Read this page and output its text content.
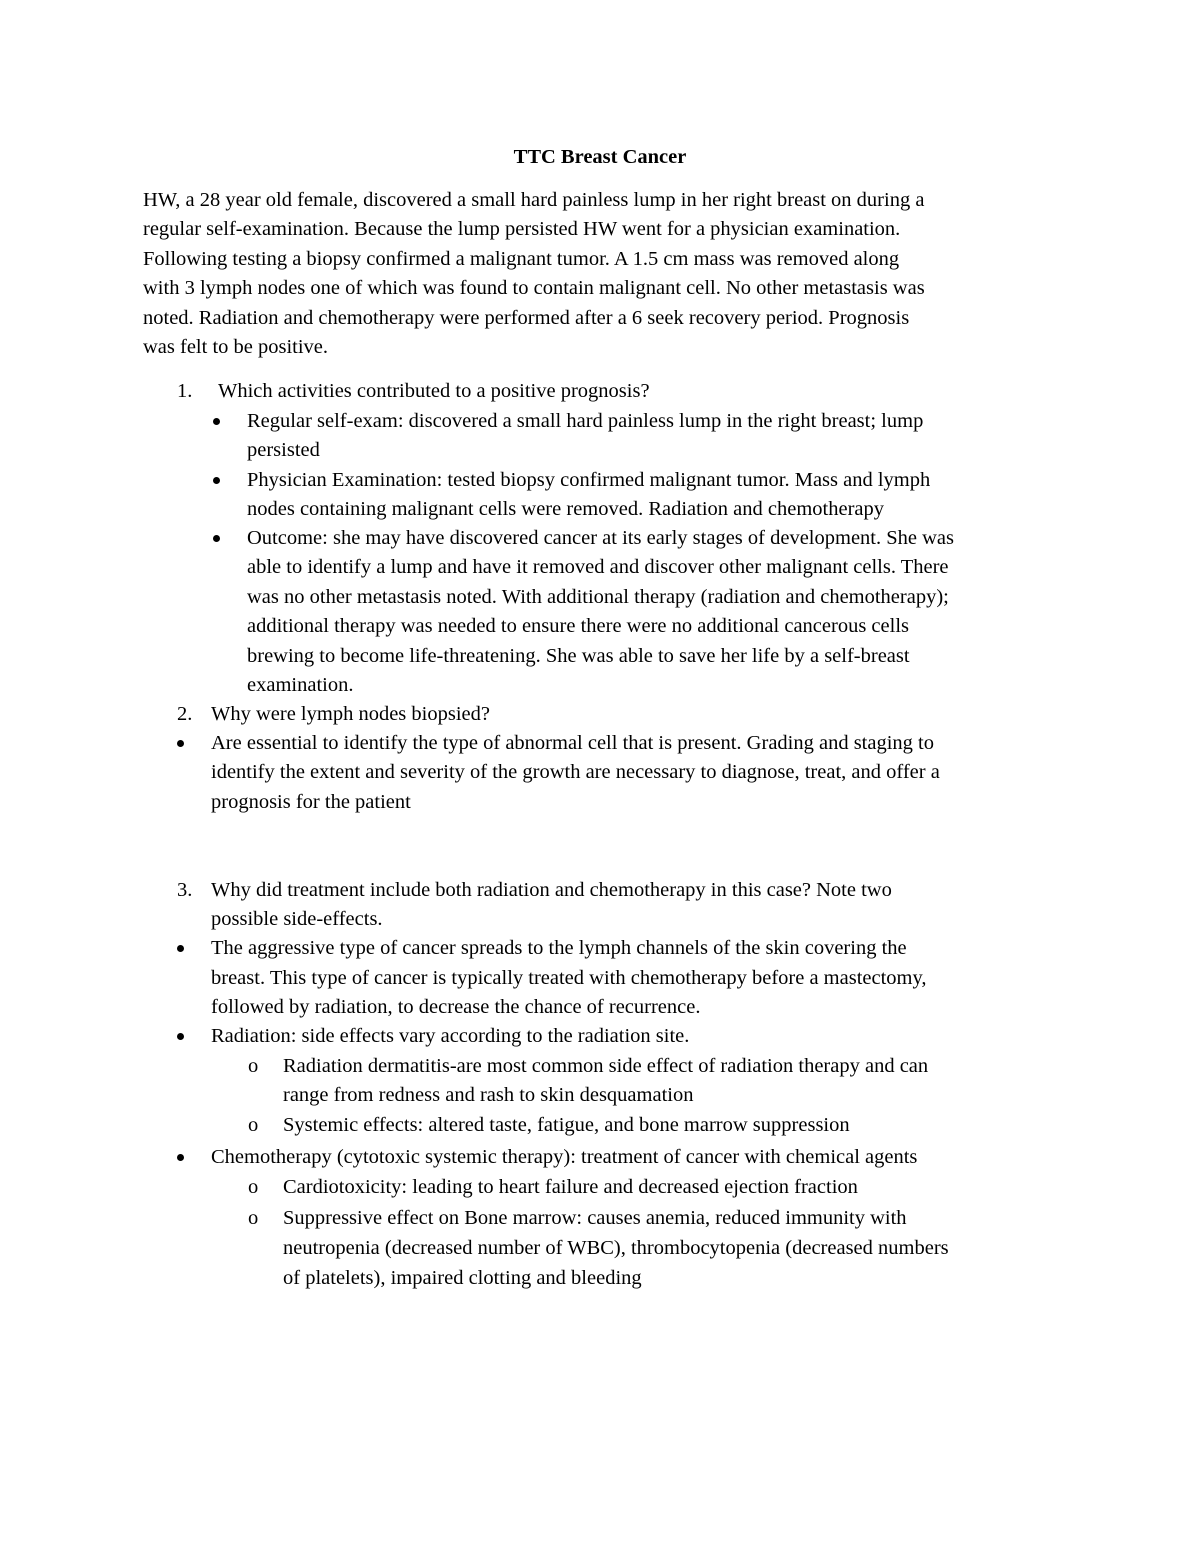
TTC Breast Cancer
HW, a 28 year old female, discovered a small hard painless lump in her right breast on during a
regular self-examination. Because the lump persisted HW went for a physician examination.
Following testing a biopsy confirmed a malignant tumor. A 1.5 cm mass was removed along
with 3 lymph nodes one of which was found to contain malignant cell. No other metastasis was
noted. Radiation and chemotherapy were performed after a 6 seek recovery period. Prognosis
was felt to be positive.
1. Which activities contributed to a positive prognosis?
Regular self-exam: discovered a small hard painless lump in the right breast; lump
persisted
Physician Examination: tested biopsy confirmed malignant tumor. Mass and lymph
nodes containing malignant cells were removed. Radiation and chemotherapy
Outcome: she may have discovered cancer at its early stages of development. She was
able to identify a lump and have it removed and discover other malignant cells. There
was no other metastasis noted. With additional therapy (radiation and chemotherapy);
additional therapy was needed to ensure there were no additional cancerous cells
brewing to become life-threatening. She was able to save her life by a self-breast
examination.
2. Why were lymph nodes biopsied?
Are essential to identify the type of abnormal cell that is present. Grading and staging to
identify the extent and severity of the growth are necessary to diagnose, treat, and offer a
prognosis for the patient
3. Why did treatment include both radiation and chemotherapy in this case? Note two
possible side-effects.
The aggressive type of cancer spreads to the lymph channels of the skin covering the
breast. This type of cancer is typically treated with chemotherapy before a mastectomy,
followed by radiation, to decrease the chance of recurrence.
Radiation: side effects vary according to the radiation site.
o Radiation dermatitis-are most common side effect of radiation therapy and can
range from redness and rash to skin desquamation
o Systemic effects: altered taste, fatigue, and bone marrow suppression
Chemotherapy (cytotoxic systemic therapy): treatment of cancer with chemical agents
o Cardiotoxicity: leading to heart failure and decreased ejection fraction
o Suppressive effect on Bone marrow: causes anemia, reduced immunity with
neutropenia (decreased number of WBC), thrombocytopenia (decreased numbers
of platelets), impaired clotting and bleeding
